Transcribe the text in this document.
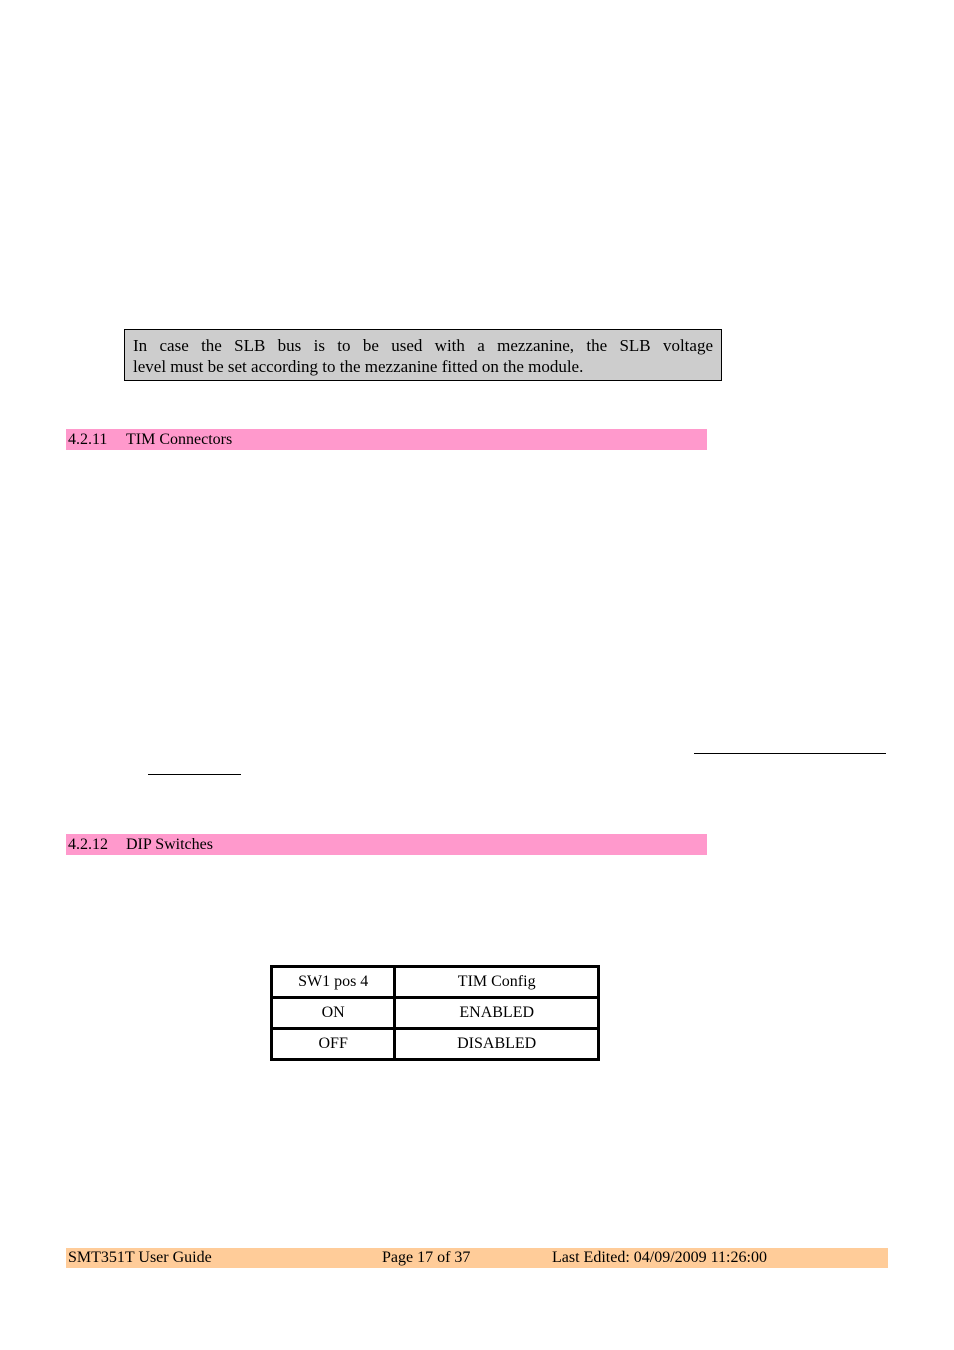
In case the SLB bus is to be used with a mezzanine, the SLB voltage
level must be set according to the mezzanine fitted on the module.
4.2.11 TIM Connectors
4.2.12 DIP Switches
SW1 pos 4	TIM Config
ON	ENABLED
OFF	DISABLED
SMT351T User Guide	Page 17 of 37	Last Edited: 04/09/2009 11:26:00
